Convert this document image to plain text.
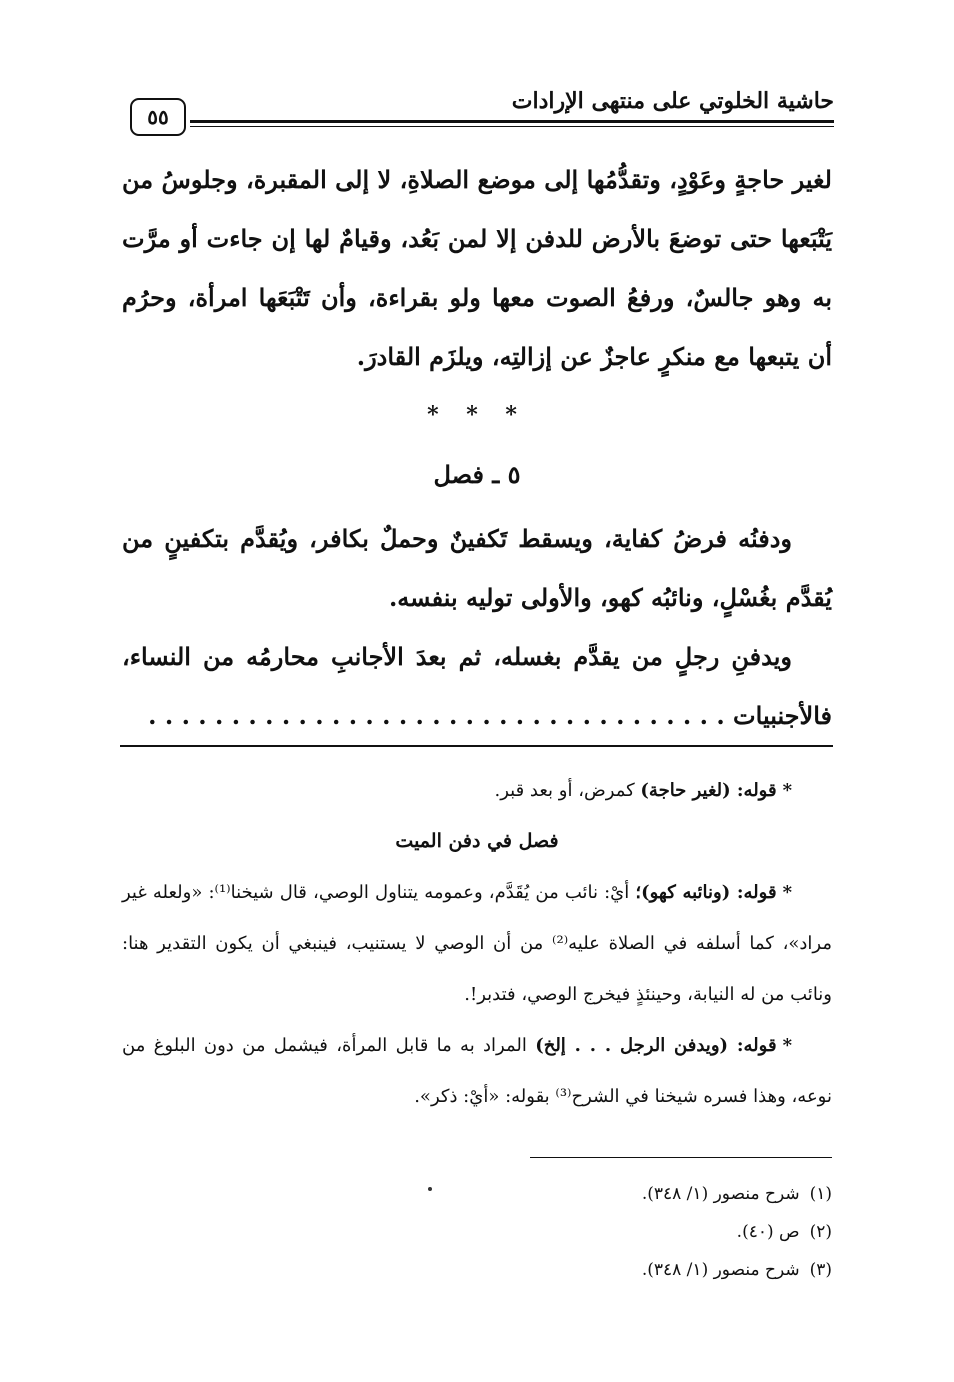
حاشية الخلوتي على منتهى الإرادات
٥٥

لغير حاجةٍ وعَوْدٍ، وتقدُّمُها إلى موضع الصلاةِ، لا إلى المقبرة، وجلوسُ من يَتْبَعها حتى توضعَ بالأرض للدفن إلا لمن بَعُد، وقيامٌ لها إن جاءت أو مرَّت به وهو جالسٌ، ورفعُ الصوت معها ولو بقراءة، وأن تَتْبَعَها امرأة، وحرُم أن يتبعها مع منكرٍ عاجزٌ عن إزالتِه، ويلزَم القادرَ.

* * *

٥ ـ فصل

ودفنُه فرضُ كفاية، ويسقط تَكفينٌ وحملٌ بكافر، ويُقدَّم بتكفينٍ من يُقدَّم بغُسْلٍ، ونائبُه كهو، والأولى توليه بنفسه.

ويدفنِ رجلٍ من يقدَّم بغسله، ثم بعدَ الأجانبِ محارمُه من النساء، فالأجنبيات . . .

*قوله: (لغير حاجة) كمرض، أو بعد قبر.

فصل في دفن الميت

*قوله: (ونائبه كهو)؛ أيْ: نائب من يُقَدَّم، وعمومه يتناول الوصي، قال شيخنا⁽¹⁾: «ولعله غير مراد»، كما أسلفه في الصلاة عليه⁽²⁾ من أن الوصي لا يستنيب، فينبغي أن يكون التقدير هنا: ونائب من له النيابة، وحينئذٍ فيخرج الوصي، فتدبر!.

*قوله: (ويدفن الرجل . . . إلخ) المراد به ما قابل المرأة، فيشمل من دون البلوغ من نوعه، وهذا فسره شيخنا في الشرح⁽³⁾ بقوله: «أيْ: ذكر».

(١)شرح منصور (١/ ٣٤٨).

(٢)ص (٤٠).

(٣)شرح منصور (١/ ٣٤٨).
